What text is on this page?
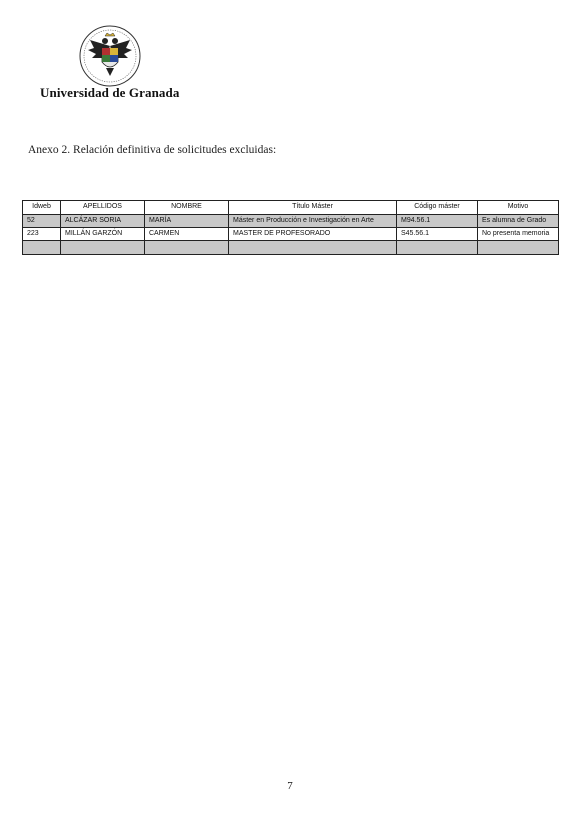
Universidad de Granada
Anexo 2. Relación definitiva de solicitudes excluidas:
Idweb	APELLIDOS	NOMBRE	Título Máster	Código máster	Motivo
52	ALCÁZAR SORIA	MARÍA	Máster en Producción e Investigación en Arte	M94.56.1	Es alumna de Grado
223	MILLÁN GARZÓN	CARMEN	MASTER DE PROFESORADO	S45.56.1	No presenta memoria

7
